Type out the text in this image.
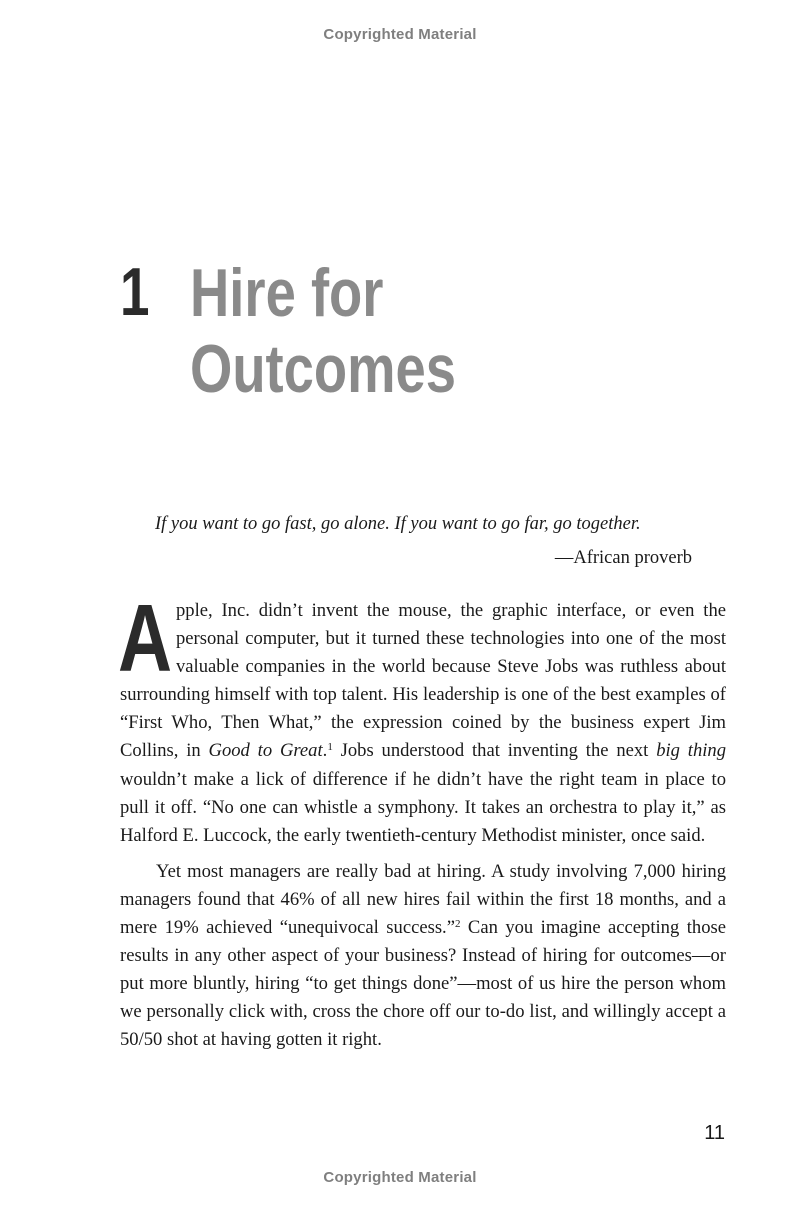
Copyrighted Material
1 Hire for
Outcomes
If you want to go fast, go alone. If you want to go far, go together.
—African proverb

Apple, Inc. didn’t invent the mouse, the graphic interface, or even the personal computer, but it turned these technologies into one of the most valuable companies in the world because Steve Jobs was ruthless about surrounding himself with top talent. His leadership is one of the best examples of “First Who, Then What,” the expression coined by the business expert Jim Collins, in Good to Great.$^1$ Jobs understood that inventing the next big thing wouldn’t make a lick of difference if he didn’t have the right team in place to pull it off. “No one can whistle a symphony. It takes an orchestra to play it,” as Halford E. Luccock, the early twentieth-century Methodist minister, once said.

Yet most managers are really bad at hiring. A study involving 7,000 hiring managers found that 46% of all new hires fail within the first 18 months, and a mere 19% achieved “unequivocal success.”$^2$ Can you imagine accepting those results in any other aspect of your business? Instead of hiring for outcomes—or put more bluntly, hiring “to get things done”—most of us hire the person whom we personally click with, cross the chore off our to-do list, and willingly accept a 50/50 shot at having gotten it right.

11
Copyrighted Material
